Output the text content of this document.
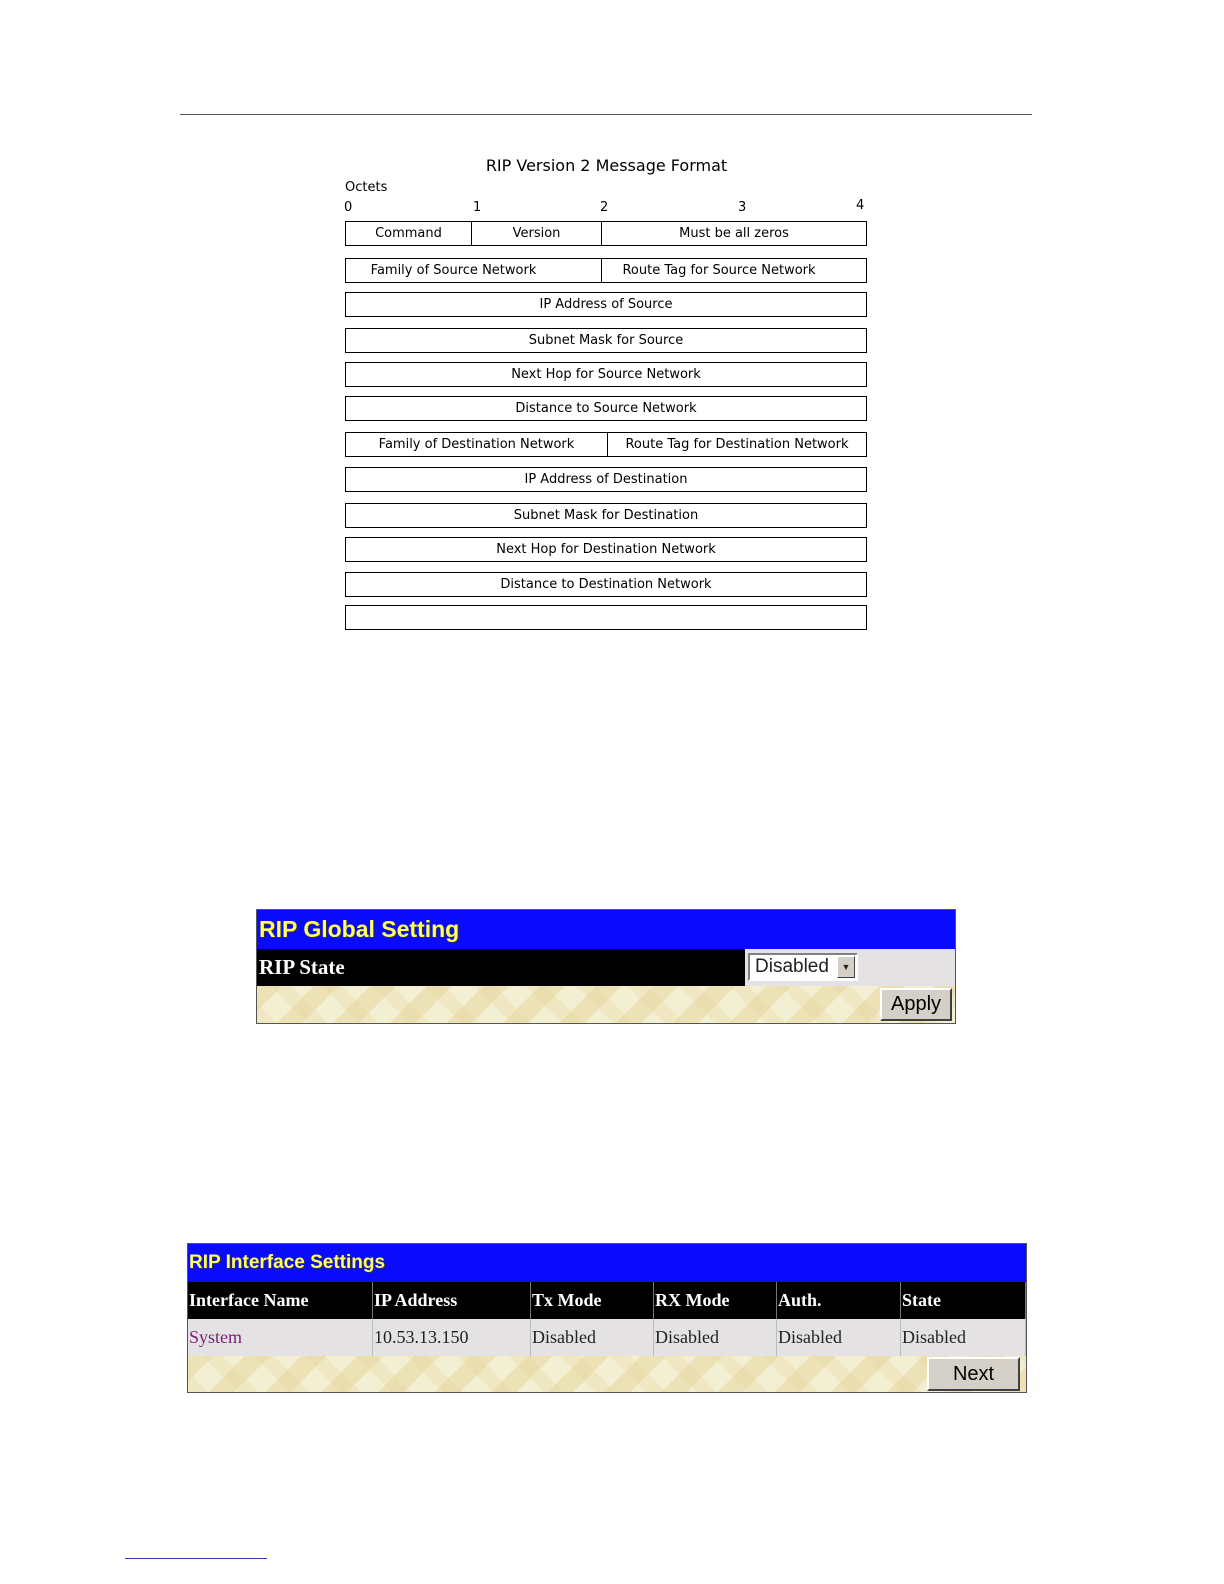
RIP Version 2 Message Format
Octets
0	1	2	3	4
Command	Version	Must be all zeros
Family of Source Network	Route Tag for Source Network
IP Address of Source
Subnet Mask for Source
Next Hop for Source Network
Distance to Source Network
Family of Destination Network	Route Tag for Destination Network
IP Address of Destination
Subnet Mask for Destination
Next Hop for Destination Network
Distance to Destination Network
RIP Global Setting
RIP State	Disabled	▼
Apply
RIP Interface Settings
Interface Name	IP Address	Tx Mode	RX Mode	Auth.	State
System	10.53.13.150	Disabled	Disabled	Disabled	Disabled
Next
